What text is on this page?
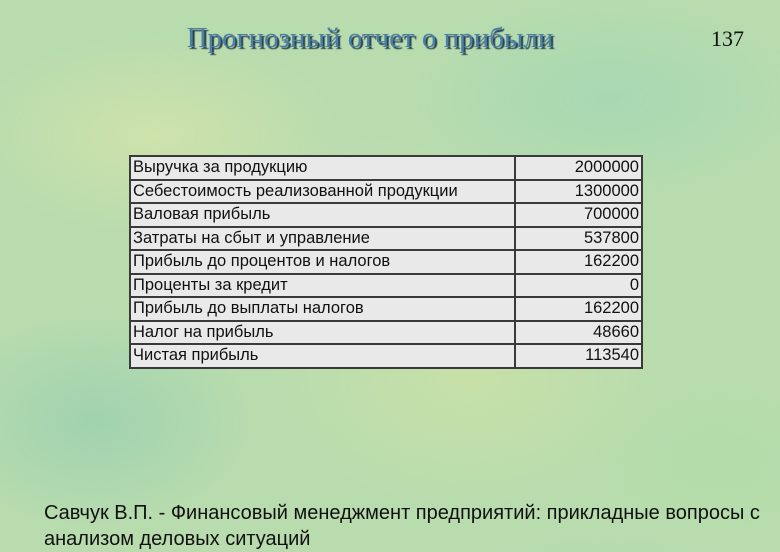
Прогнозный отчет о прибыли	137
Выручка за продукцию	2000000
Себестоимость реализованной продукции	1300000
Валовая прибыль	700000
Затраты на сбыт и управление	537800
Прибыль до процентов и налогов	162200
Проценты за кредит	0
Прибыль до выплаты налогов	162200
Налог на прибыль	48660
Чистая прибыль	113540
Савчук В.П. - Финансовый менеджмент предприятий: прикладные вопросы с анализом деловых ситуаций
